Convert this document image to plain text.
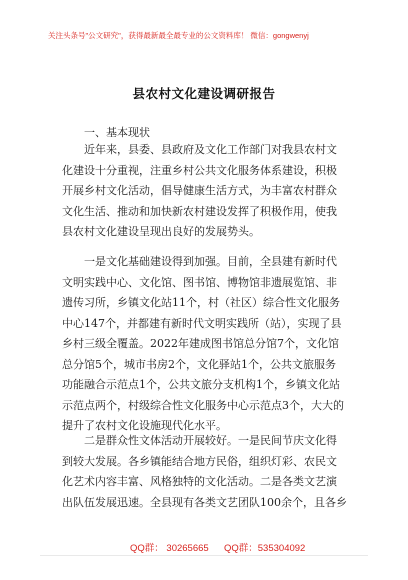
关注头条号"公文研究"，获得最新最全最专业的公文资料库！ 微信：gongwenyj
县农村文化建设调研报告
一、基本现状
近年来，县委、县政府及文化工作部门对我县农村文
化建设十分重视，注重乡村公共文化服务体系建设，积极
开展乡村文化活动，倡导健康生活方式，为丰富农村群众
文化生活、推动和加快新农村建设发挥了积极作用，使我
县农村文化建设呈现出良好的发展势头。
一是文化基础建设得到加强。目前，全县建有新时代
文明实践中心、文化馆、图书馆、博物馆非遗展览馆、非
遗传习所，乡镇文化站11个，村（社区）综合性文化服务
中心147个，并都建有新时代文明实践所（站），实现了县
乡村三级全覆盖。2022年建成图书馆总分馆7个，文化馆
总分馆5个，城市书房2个，文化驿站1个，公共文旅服务
功能融合示范点1个，公共文旅分支机构1个，乡镇文化站
示范点两个，村级综合性文化服务中心示范点3个，大大的
提升了农村文化设施现代化水平。
二是群众性文体活动开展较好。一是民间节庆文化得
到较大发展。各乡镇能结合地方民俗，组织灯彩、农民文
化艺术内容丰富、风格独特的文化活动。二是各类文艺演
出队伍发展迅速。全县现有各类文艺团队100余个，且各乡
QQ群： 30265665 QQ群：535304092
